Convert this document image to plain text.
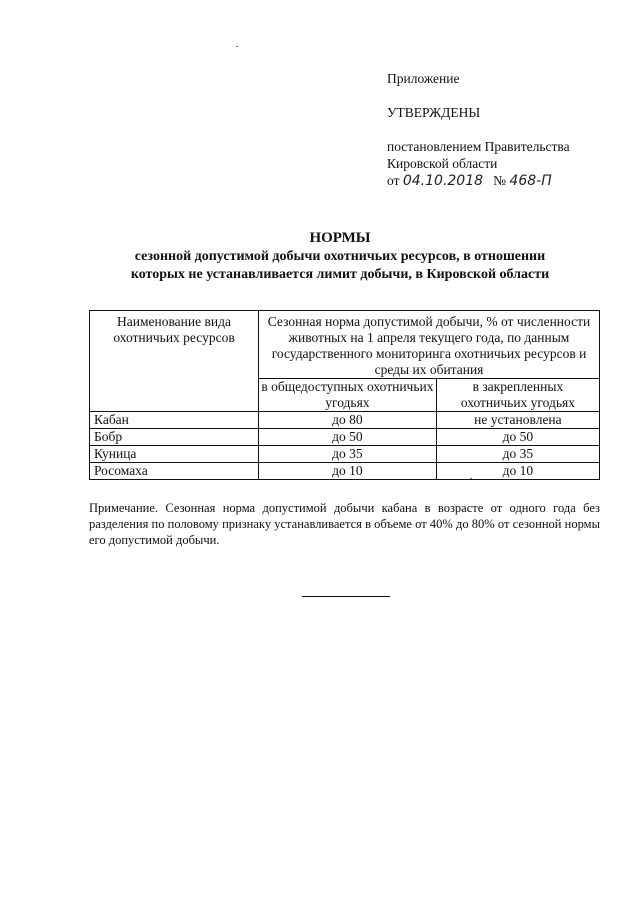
Приложение
УТВЕРЖДЕНЫ
постановлением Правительства
Кировской области
от 04.10.2018 № 468-П
НОРМЫ
сезонной допустимой добычи охотничьих ресурсов, в отношении
которых не устанавливается лимит добычи, в Кировской области
Наименование вида охотничьих ресурсов	Сезонная норма допустимой добычи, % от численности животных на 1 апреля текущего года, по данным государственного мониторинга охотничьих ресурсов и среды их обитания	
	в общедоступных охотничьих угодьях	в закрепленных охотничьих угодьях
Кабан	до 80	не установлена
Бобр	до 50	до 50
Куница	до 35	до 35
Росомаха	до 10	до 10
Примечание. Сезонная норма допустимой добычи кабана в возрасте от одного года без разделения по половому признаку устанавливается в объеме от 40% до 80% от сезонной нормы его допустимой добычи.
